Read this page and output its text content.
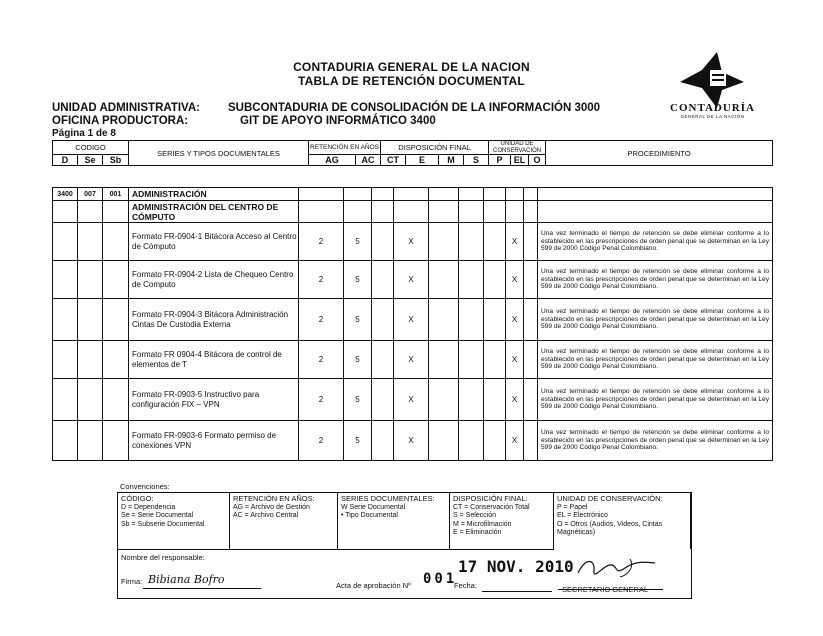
CONTADURIA GENERAL DE LA NACION
TABLA DE RETENCIÓN DOCUMENTAL
CONTADURÍA
GENERAL DE LA NACIÓN
UNIDAD ADMINISTRATIVA: SUBCONTADURIA DE CONSOLIDACIÓN DE LA INFORMACIÓN 3000
OFICINA PRODUCTORA:	GIT DE APOYO INFORMÁTICO 3400
Página 1 de 8
CODIGO			SERIES Y TIPOS DOCUMENTALES	RETENCIÓN EN AÑOS		DISPOSICIÓN FINAL				UNIDAD DE CONSERVACIÓN			PROCEDIMIENTO
D	Se	Sb		AG	AC	CT	E	M	S	P	EL	O	
3400	007	001	ADMINISTRACIÓN										
			ADMINISTRACIÓN DEL CENTRO DE CÓMPUTO										
			Formato FR-0904-1 Bitácora Acceso al Centro de Cómputo	2	5		X				X		Una vez terminado el tiempo de retención se debe eliminar conforme a lo establecido en las prescripciones de orden penal que se determinan en la Ley 599 de 2000 Código Penal Colombiano.
			Formato FR-0904-2 Lista de Chequeo Centro de Computo	2	5		X				X		Una vez terminado el tiempo de retención se debe eliminar conforme a lo establecido en las prescripciones de orden penal que se determinan en la Ley 599 de 2000 Código Penal Colombiano.
			Formato FR-0904-3 Bitácora Administración Cintas De Custodia Externa	2	5		X				X		Una vez terminado el tiempo de retención se debe eliminar conforme a lo establecido en las prescripciones de orden penal que se determinan en la Ley 599 de 2000 Código Penal Colombiano.
			Formato FR 0904-4 Bitácora de control de elementos de T	2	5		X				X		Una vez terminado el tiempo de retención se debe eliminar conforme a lo establecido en las prescripciones de orden penal que se determinan en la Ley 599 de 2000 Código Penal Colombiano.
			Formato FR-0903-5 Instructivo para configuración FIX – VPN	2	5		X				X		Una vez terminado el tiempo de retención se debe eliminar conforme a lo establecido en las prescripciones de orden penal que se determinan en la Ley 599 de 2000 Código Penal Colombiano.
			Formato FR-0903-6 Formato permiso de conexiones VPN	2	5		X				X		Una vez terminado el tiempo de retención se debe eliminar conforme a lo establecido en las prescripciones de orden penal que se determinan en la Ley 599 de 2000 Código Penal Colombiano.
Convenciones:
CÓDIGO:
D = Dependencia
Se = Serie Documental
Sb = Subserie Documental
RETENCIÓN EN AÑOS:
AG = Archivo de Gestión
AC = Archivo Central
SERIES DOCUMENTALES:
W Serie Documental
• Tipo Documental
DISPOSICIÓN FINAL:
CT = Conservación Total
S = Selección
M = Microfilmación
E = Eliminación
UNIDAD DE CONSERVACIÓN:
P = Papel
EL = Electrónico
O = Otros (Audios, Videos, Cintas Magnéticas)
Nombre del responsable:
Firma: Bibiana Bofro	Acta de aprobación Nº 001
Fecha:
17 NOV. 2010
SECRETARIO GENERAL
